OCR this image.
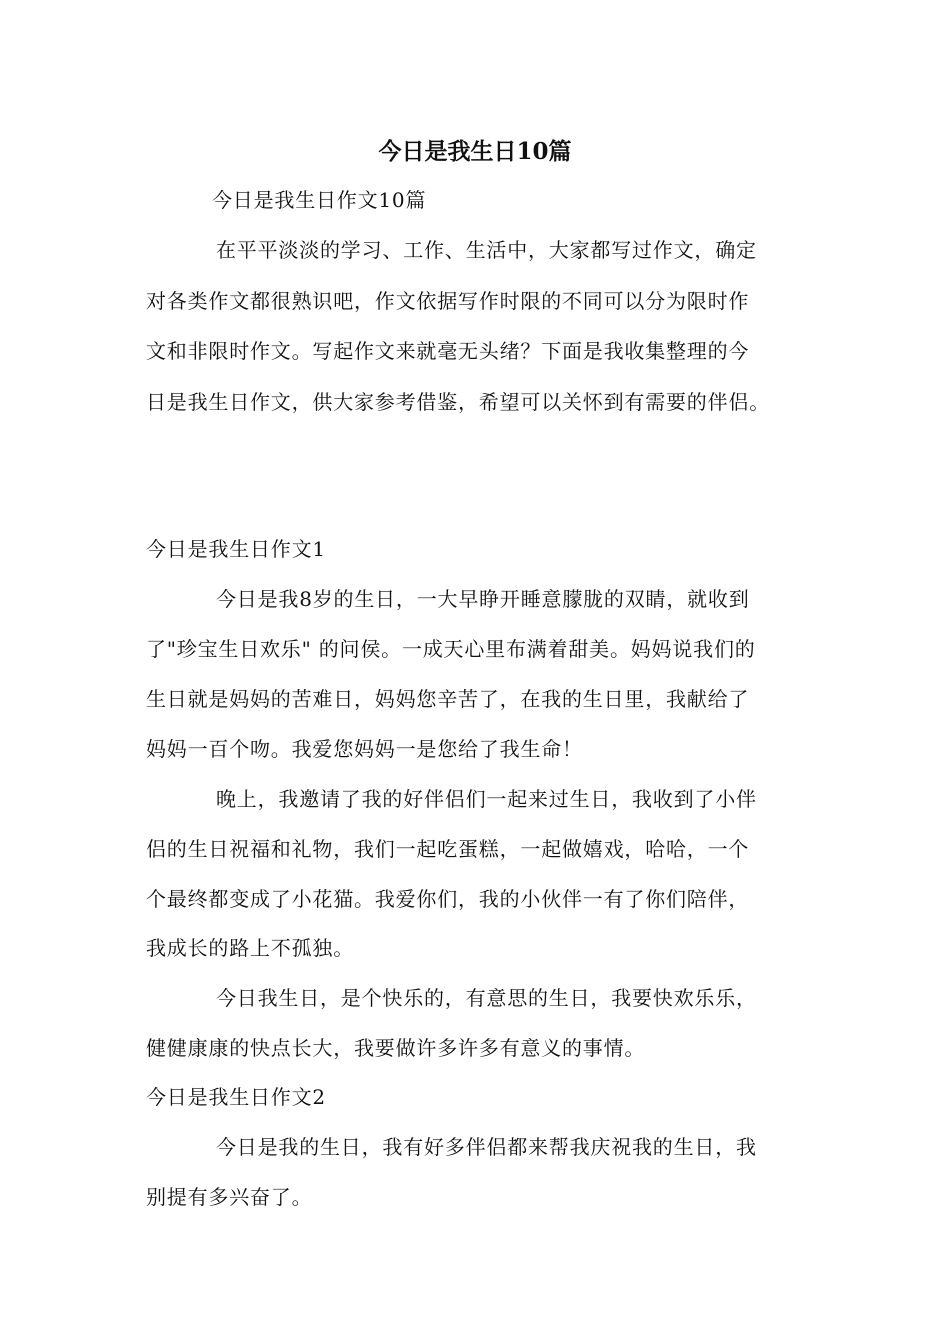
今日是我生日10篇
今日是我生日作文10篇
在平平淡淡的学习、工作、生活中，大家都写过作文，确定
对各类作文都很熟识吧，作文依据写作时限的不同可以分为限时作
文和非限时作文。写起作文来就毫无头绪？下面是我收集整理的今
日是我生日作文，供大家参考借鉴，希望可以关怀到有需要的伴侣。
今日是我生日作文1
今日是我8岁的生日，一大早睁开睡意朦胧的双睛，就收到
了"珍宝生日欢乐" 的问侯。一成天心里布满着甜美。妈妈说我们的
生日就是妈妈的苦难日，妈妈您辛苦了，在我的生日里，我献给了
妈妈一百个吻。我爱您妈妈一是您给了我生命！
晚上，我邀请了我的好伴侣们一起来过生日，我收到了小伴
侣的生日祝福和礼物，我们一起吃蛋糕，一起做嬉戏，哈哈，一个
个最终都变成了小花猫。我爱你们，我的小伙伴一有了你们陪伴，
我成长的路上不孤独。
今日我生日，是个快乐的，有意思的生日，我要快欢乐乐，
健健康康的快点长大，我要做许多许多有意义的事情。
今日是我生日作文2
今日是我的生日，我有好多伴侣都来帮我庆祝我的生日，我
别提有多兴奋了。
